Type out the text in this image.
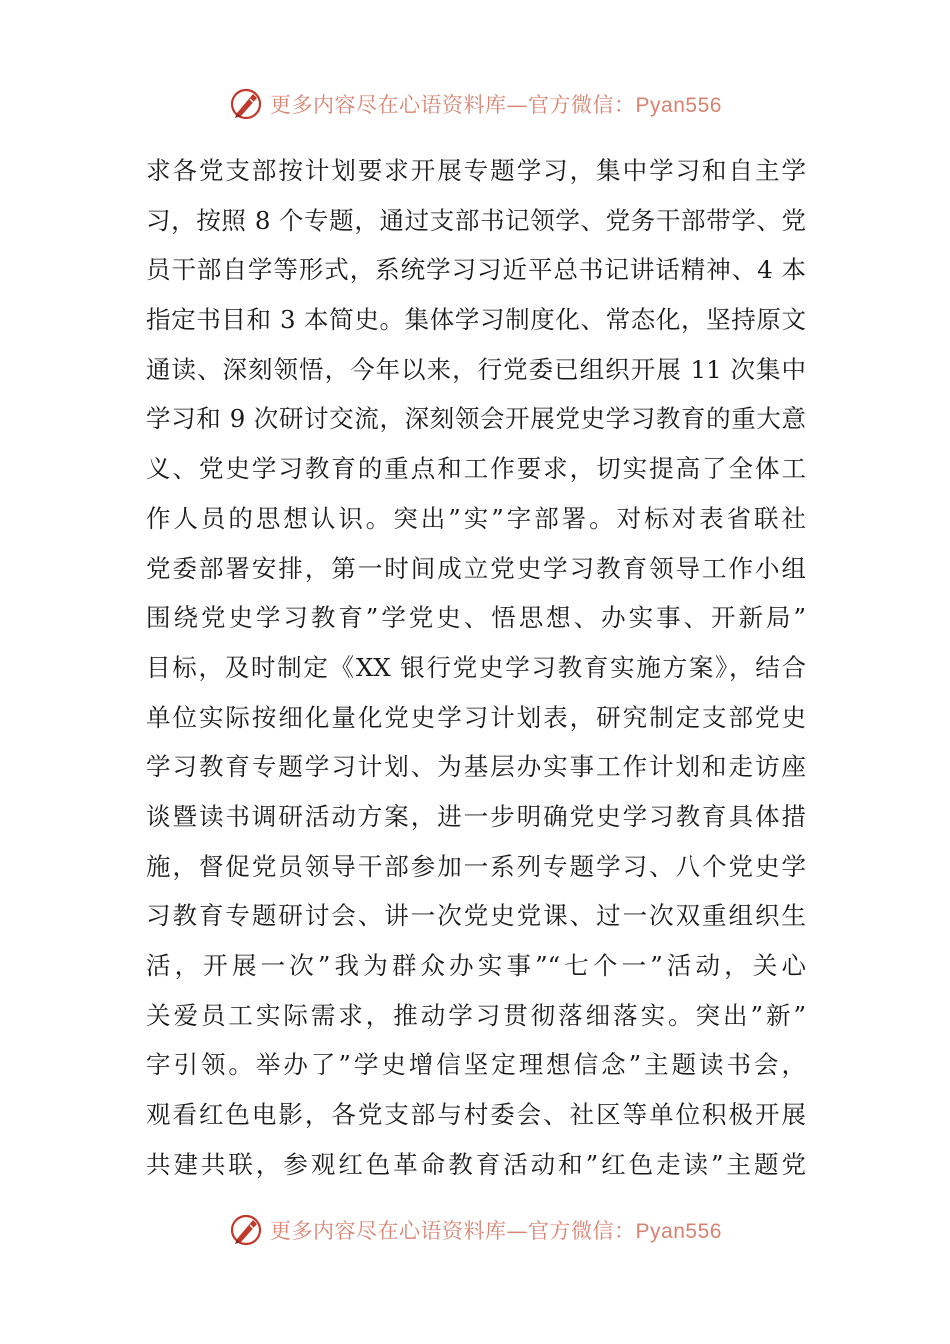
更多内容尽在心语资料库—官方微信：Pyan556
求各党支部按计划要求开展专题学习，集中学习和自主学
习，按照 8 个专题，通过支部书记领学、党务干部带学、党
员干部自学等形式，系统学习习近平总书记讲话精神、4 本
指定书目和 3 本简史。集体学习制度化、常态化，坚持原文
通读、深刻领悟，今年以来，行党委已组织开展 11 次集中
学习和 9 次研讨交流，深刻领会开展党史学习教育的重大意
义、党史学习教育的重点和工作要求，切实提高了全体工
作人员的思想认识。突出”实”字部署。对标对表省联社
党委部署安排，第一时间成立党史学习教育领导工作小组
围绕党史学习教育”学党史、悟思想、办实事、开新局”
目标，及时制定《XX 银行党史学习教育实施方案》，结合
单位实际按细化量化党史学习计划表，研究制定支部党史
学习教育专题学习计划、为基层办实事工作计划和走访座
谈暨读书调研活动方案，进一步明确党史学习教育具体措
施，督促党员领导干部参加一系列专题学习、八个党史学
习教育专题研讨会、讲一次党史党课、过一次双重组织生
活，开展一次”我为群众办实事”“七个一”活动，关心
关爱员工实际需求，推动学习贯彻落细落实。突出”新”
字引领。举办了”学史增信坚定理想信念”主题读书会，
观看红色电影，各党支部与村委会、社区等单位积极开展
共建共联，参观红色革命教育活动和”红色走读”主题党
更多内容尽在心语资料库—官方微信：Pyan556
